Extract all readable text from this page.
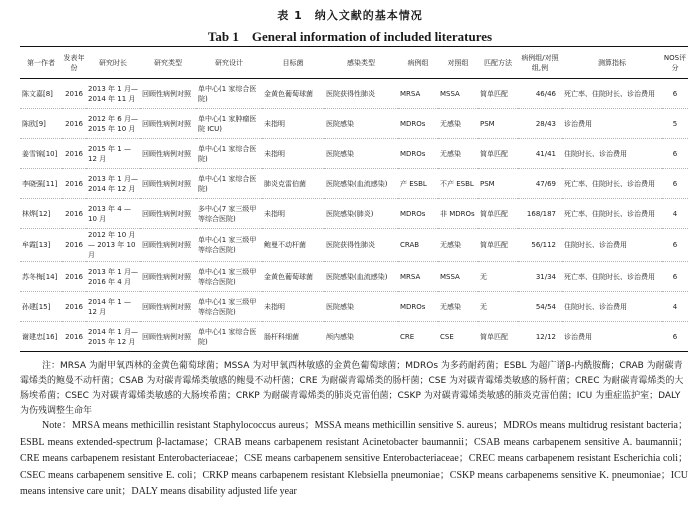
表 1　纳入文献的基本情况
Tab 1　General information of included literatures
第一作者	发表年份	研究时长	研究类型	研究设计	目标菌	感染类型	病例组	对照组	匹配方法	病例组/对照组,例	测算指标	NOS评分
陈文嘉[8]	2016	2013 年 1 月— 2014 年 11 月	回顾性病例对照	单中心(1 家综合医院)	金黄色葡萄球菌	医院获得性肺炎	MRSA	MSSA	简单匹配	46/46	死亡率、住院时长、诊治费用	6
陈欧[9]	2016	2012 年 6 月— 2015 年 10 月	回顾性病例对照	单中心(1 家肿瘤医院 ICU)	未指明	医院感染	MDROs	无感染	PSM	28/43	诊治费用	5
姜雪锦[10]	2016	2015 年 1 — 12 月	回顾性病例对照	单中心(1 家综合医院)	未指明	医院感染	MDROs	无感染	简单匹配	41/41	住院时长、诊治费用	6
李晓强[11]	2016	2013 年 1 月— 2014 年 12 月	回顾性病例对照	单中心(1 家综合医院)	肺炎克雷伯菌	医院感染(血流感染)	产 ESBL	不产 ESBL	PSM	47/69	死亡率、住院时长、诊治费用	6
林烨[12]	2016	2013 年 4 — 10 月	回顾性病例对照	多中心(7 家三级甲等综合医院)	未指明	医院感染(肺炎)	MDROs	非 MDROs	简单匹配	168/187	死亡率、住院时长、诊治费用	4
牟霞[13]	2016	2012 年 10 月— 2013 年 10 月	回顾性病例对照	单中心(1 家三级甲等综合医院)	鲍曼不动杆菌	医院获得性肺炎	CRAB	无感染	简单匹配	56/112	住院时长、诊治费用	6
苏冬梅[14]	2016	2013 年 1 月— 2016 年 4 月	回顾性病例对照	单中心(1 家三级甲等综合医院)	金黄色葡萄球菌	医院感染(血流感染)	MRSA	MSSA	无	31/34	死亡率、住院时长、诊治费用	6
孙建[15]	2016	2014 年 1 — 12 月	回顾性病例对照	单中心(1 家三级甲等综合医院)	未指明	医院感染	MDROs	无感染	无	54/54	住院时长、诊治费用	4
谢建忠[16]	2016	2014 年 1 月— 2015 年 12 月	回顾性病例对照	单中心(1 家综合医院)	肠杆科细菌	颅内感染	CRE	CSE	简单匹配	12/12	诊治费用	6

注：MRSA 为耐甲氧西林的金黄色葡萄球菌；MSSA 为对甲氧西林敏感的金黄色葡萄球菌；MDROs 为多药耐药菌；ESBL 为超广谱β-内酰胺酶；CRAB 为耐碳青霉烯类的鲍曼不动杆菌；CSAB 为对碳青霉烯类敏感的鲍曼不动杆菌；CRE 为耐碳青霉烯类的肠杆菌；CSE 为对碳青霉烯类敏感的肠杆菌；CREC 为耐碳青霉烯类的大肠埃希菌；CSEC 为对碳青霉烯类敏感的大肠埃希菌；CRKP 为耐碳青霉烯类的肺炎克雷伯菌；CSKP 为对碳青霉烯类敏感的肺炎克雷伯菌；ICU 为重症监护室；DALY 为伤残调整生命年

Note：MRSA means methicillin resistant Staphylococcus aureus；MSSA means methicillin sensitive S. aureus；MDROs means multidrug resistant bacteria；ESBL means extended-spectrum β-lactamase；CRAB means carbapenem resistant Acinetobacter baumannii；CSAB means carbapenem sensitive A. baumannii；CRE means carbapenem resistant Enterobacteriaceae；CSE means carbapenem sensitive Enterobacteriaceae；CREC means carbapenem resistant Escherichia coli；CSEC means carbapenem sensitive E. coli；CRKP means carbapenem resistant Klebsiella pneumoniae；CSKP means carbapenems sensitive K. pneumoniae；ICU means intensive care unit；DALY means disability adjusted life year
